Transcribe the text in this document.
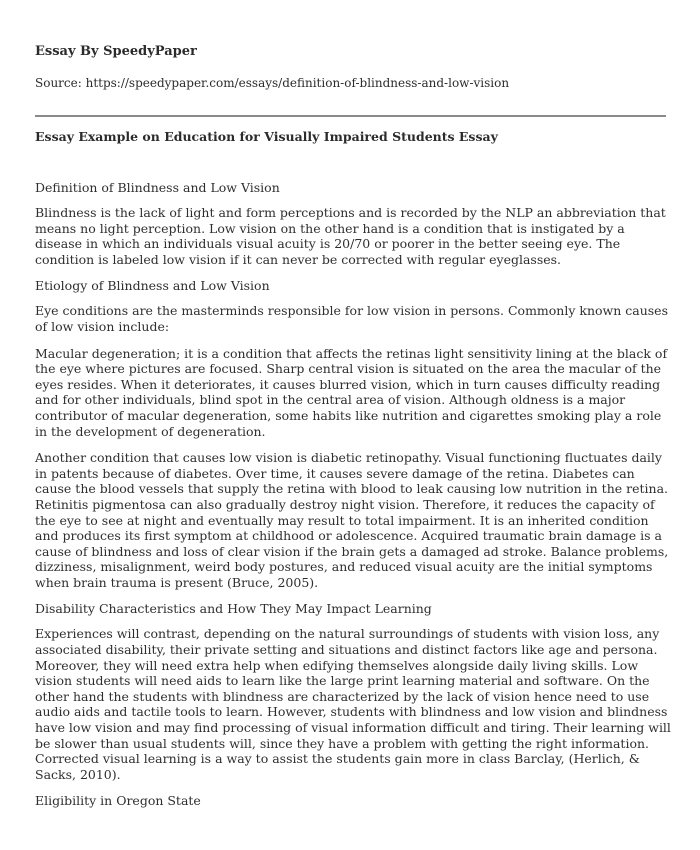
Essay By SpeedyPaper
Source: https://speedypaper.com/essays/definition-of-blindness-and-low-vision
Essay Example on Education for Visually Impaired Students Essay
Definition of Blindness and Low Vision

Blindness is the lack of light and form perceptions and is recorded by the NLP an abbreviation that means no light perception. Low vision on the other hand is a condition that is instigated by a disease in which an individuals visual acuity is 20/70 or poorer in the better seeing eye. The condition is labeled low vision if it can never be corrected with regular eyeglasses.

Etiology of Blindness and Low Vision

Eye conditions are the masterminds responsible for low vision in persons. Commonly known causes of low vision include:

Macular degeneration; it is a condition that affects the retinas light sensitivity lining at the black of the eye where pictures are focused. Sharp central vision is situated on the area the macular of the eyes resides. When it deteriorates, it causes blurred vision, which in turn causes difficulty reading and for other individuals, blind spot in the central area of vision. Although oldness is a major contributor of macular degeneration, some habits like nutrition and cigarettes smoking play a role in the development of degeneration.

Another condition that causes low vision is diabetic retinopathy. Visual functioning fluctuates daily in patents because of diabetes. Over time, it causes severe damage of the retina. Diabetes can cause the blood vessels that supply the retina with blood to leak causing low nutrition in the retina. Retinitis pigmentosa can also gradually destroy night vision. Therefore, it reduces the capacity of the eye to see at night and eventually may result to total impairment. It is an inherited condition and produces its first symptom at childhood or adolescence. Acquired traumatic brain damage is a cause of blindness and loss of clear vision if the brain gets a damaged ad stroke. Balance problems, dizziness, misalignment, weird body postures, and reduced visual acuity are the initial symptoms when brain trauma is present (Bruce, 2005).

Disability Characteristics and How They May Impact Learning

Experiences will contrast, depending on the natural surroundings of students with vision loss, any associated disability, their private setting and situations and distinct factors like age and persona. Moreover, they will need extra help when edifying themselves alongside daily living skills. Low vision students will need aids to learn like the large print learning material and software. On the other hand the students with blindness are characterized by the lack of vision hence need to use audio aids and tactile tools to learn. However, students with blindness and low vision and blindness have low vision and may find processing of visual information difficult and tiring. Their learning will be slower than usual students will, since they have a problem with getting the right information. Corrected visual learning is a way to assist the students gain more in class Barclay, (Herlich, & Sacks, 2010).

Eligibility in Oregon State
